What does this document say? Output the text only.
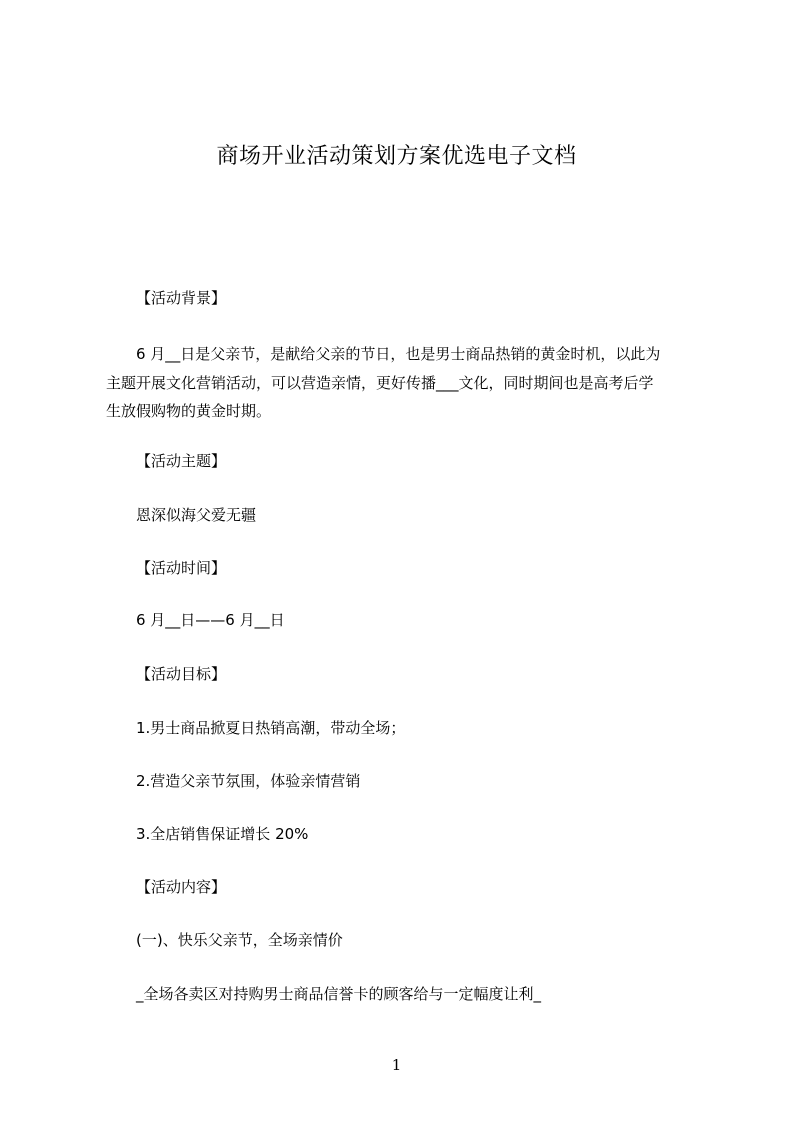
商场开业活动策划方案优选电子文档
【活动背景】
6 月__日是父亲节，是献给父亲的节日，也是男士商品热销的黄金时机，以此为
主题开展文化营销活动，可以营造亲情，更好传播___文化，同时期间也是高考后学
生放假购物的黄金时期。
【活动主题】
恩深似海父爱无疆
【活动时间】
6 月__日——6 月__日
【活动目标】
1.男士商品掀夏日热销高潮，带动全场；
2.营造父亲节氛围，体验亲情营销
3.全店销售保证增长 20%
【活动内容】
(一)、快乐父亲节，全场亲情价
_全场各卖区对持购男士商品信誉卡的顾客给与一定幅度让利_
1
